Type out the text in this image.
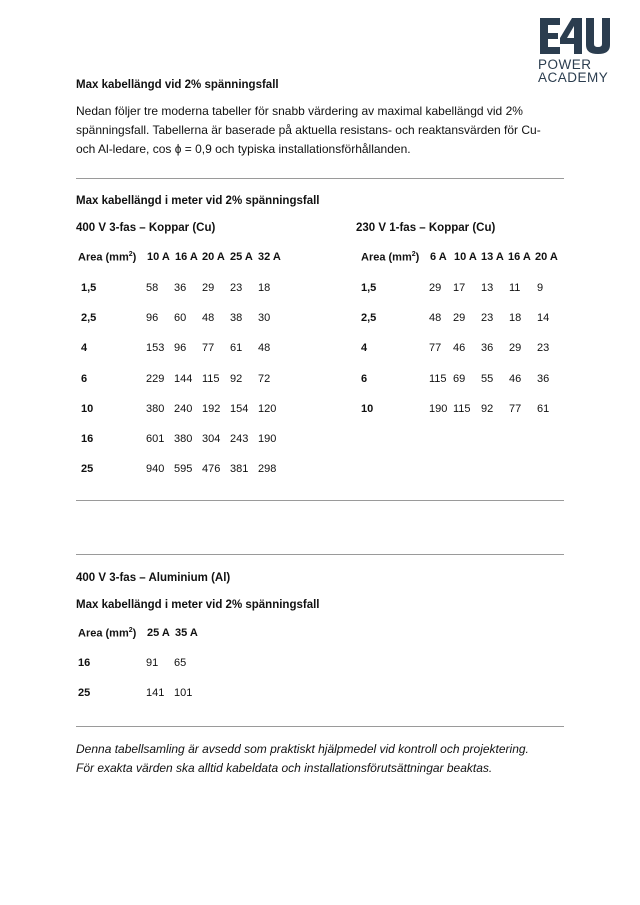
POWER
ACADEMY
Max kabellängd vid 2% spänningsfall
Nedan följer tre moderna tabeller för snabb värdering av maximal kabellängd vid 2%
spänningsfall. Tabellerna är baserade på aktuella resistans- och reaktansvärden för Cu-
och Al-ledare, cos ϕ = 0,9 och typiska installationsförhållanden.
Max kabellängd i meter vid 2% spänningsfall
400 V 3-fas – Koppar (Cu)	230 V 1-fas – Koppar (Cu)
Area $(mm^2)$ 10 A 16 A 20 A 25 A 32 A
1,5	58 36 29 23 18
2,5	96 60 48 38 30
4	153 96 77 61 48
6	229 144 115 92 72
10	380 240 192 154 120
16	601 380 304 243 190
25	940 595 476 381 298
Area $(mm^2)$ 6 A 10 A 13 A 16 A 20 A
1,5	29 17 13 11 9
2,5	48 29 23 18 14
4	77 46 36 29 23
6	115 69 55 46 36
10	190 115 92 77 61
400 V 3-fas – Aluminium (Al)
Max kabellängd i meter vid 2% spänningsfall
Area $(mm^2)$ 25 A 35 A
16	91 65
25	141 101
Denna tabellsamling är avsedd som praktiskt hjälpmedel vid kontroll och projektering.
För exakta värden ska alltid kabeldata och installationsförutsättningar beaktas.
